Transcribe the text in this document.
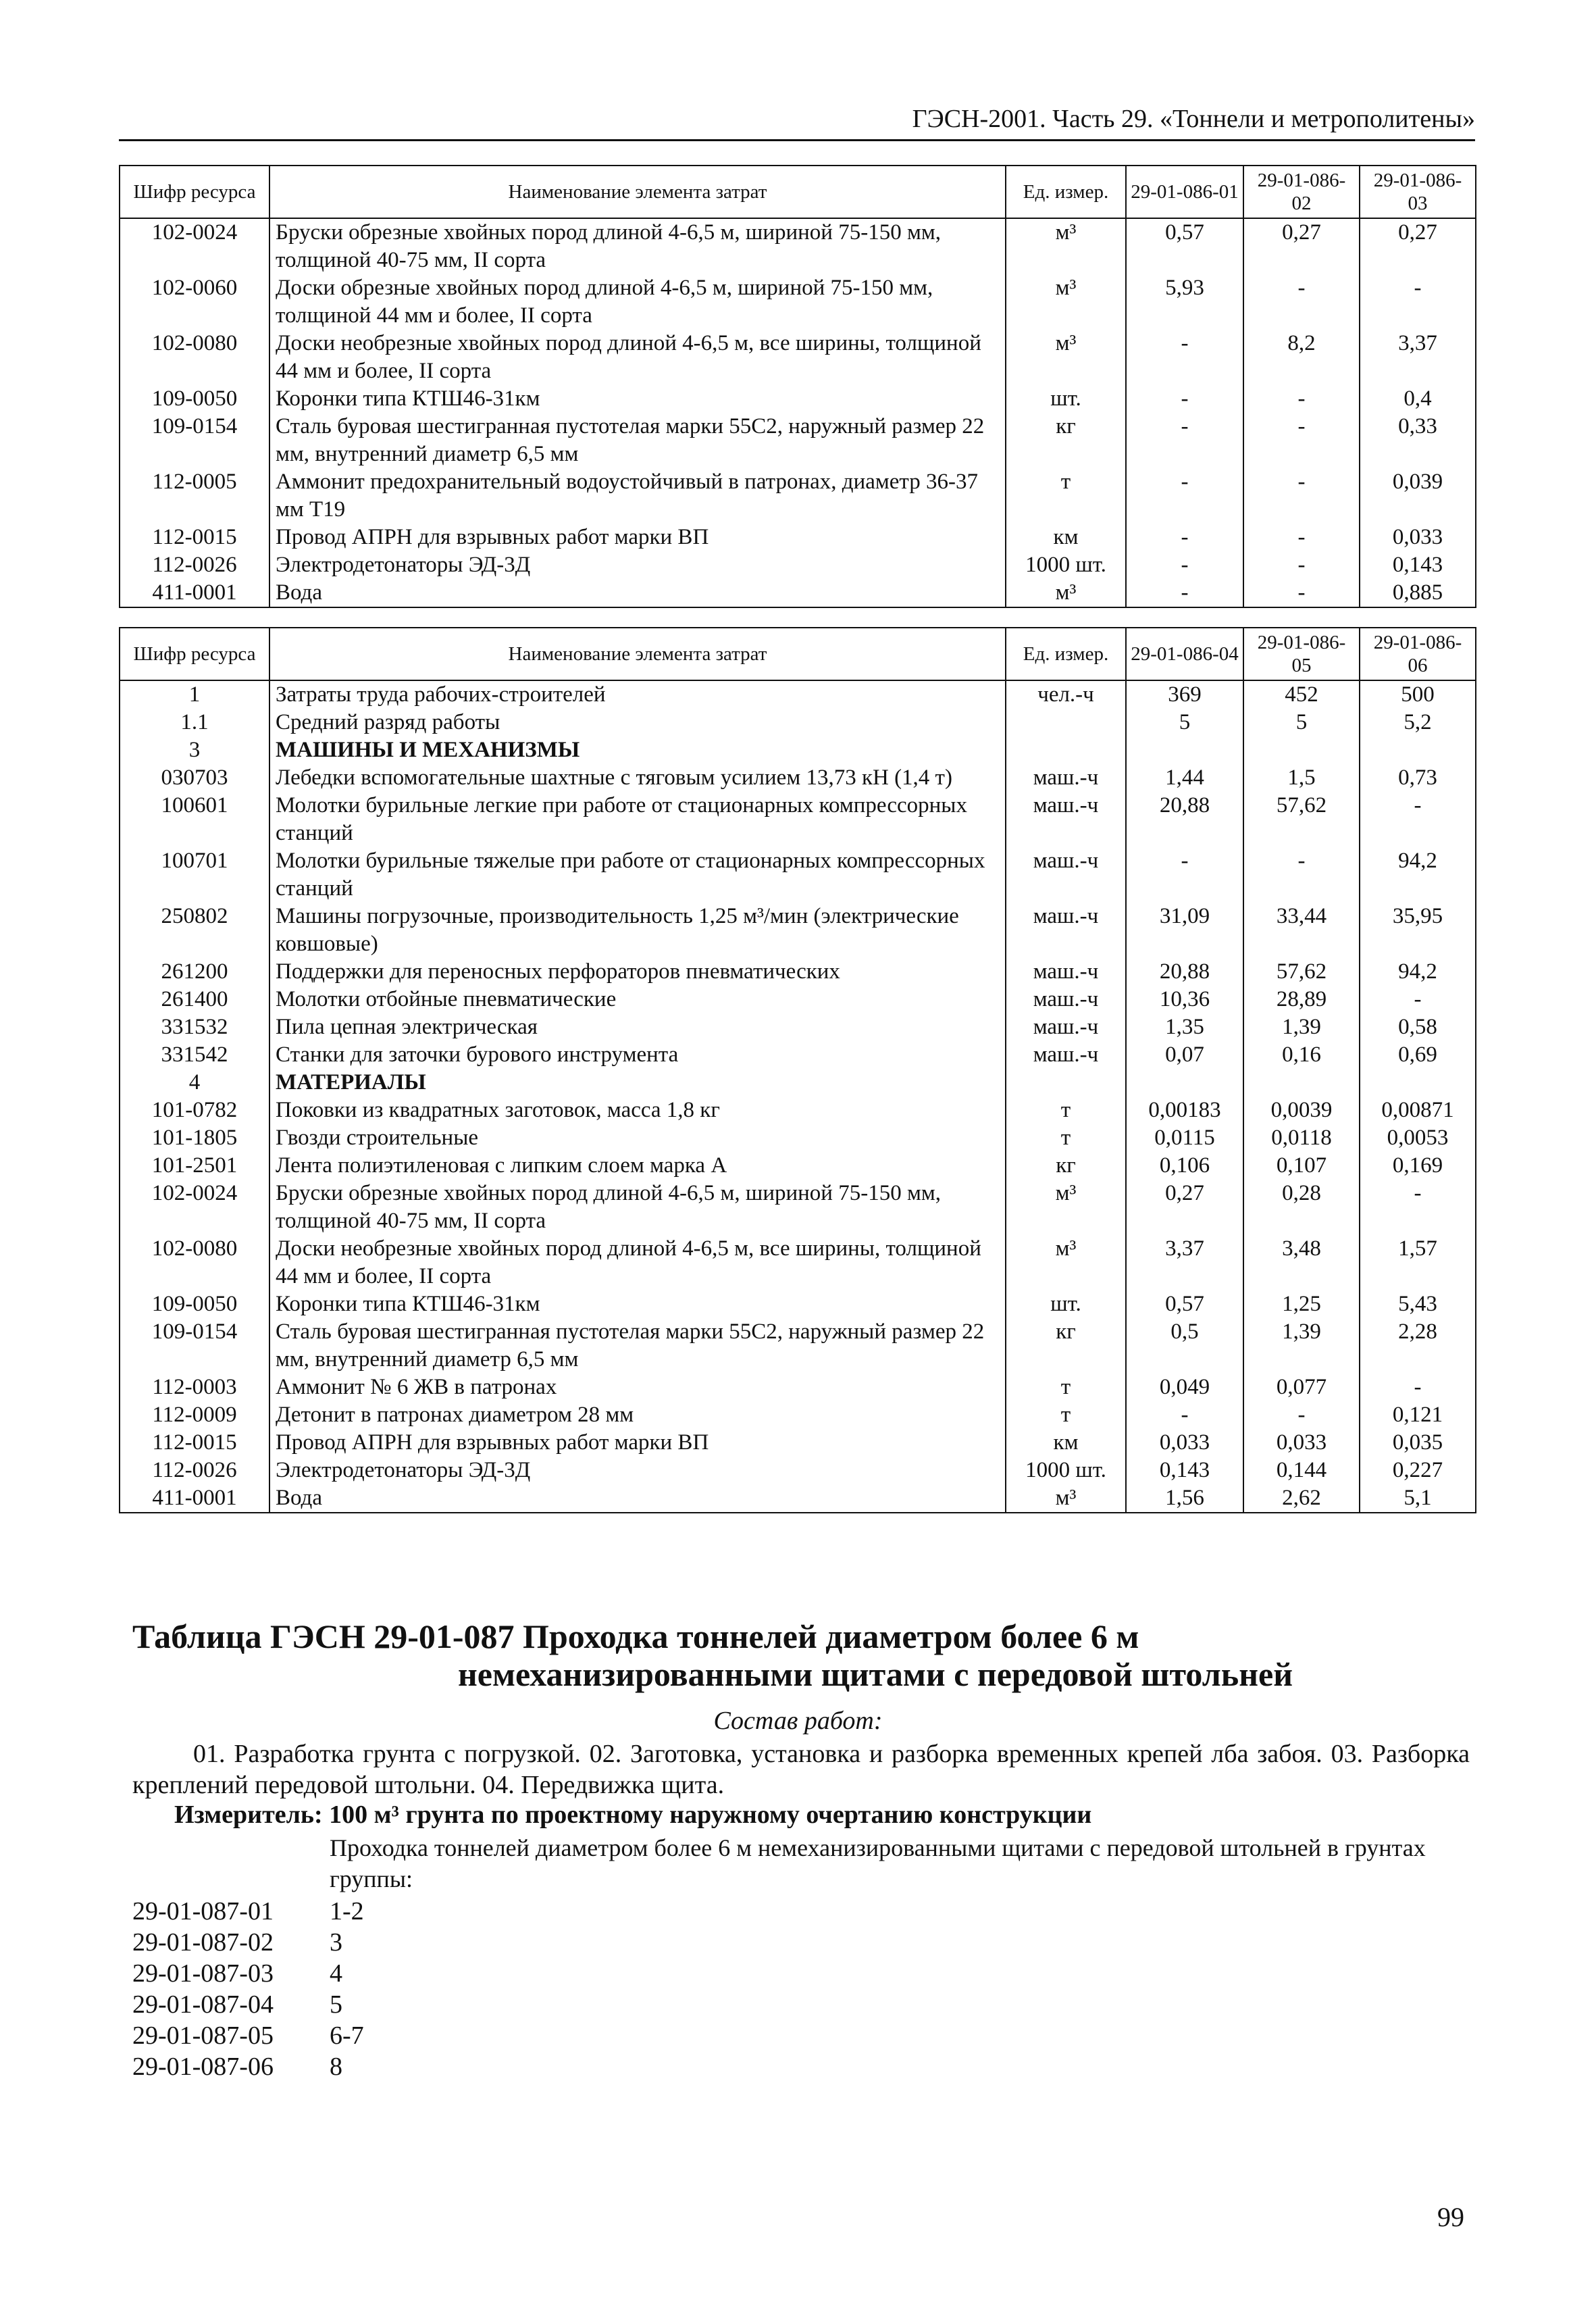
ГЭСН-2001. Часть 29. «Тоннели и метрополитены»
Шифр ресурса	Наименование элемента затрат	Ед. измер.	29-01-086-01	29-01-086-02	29-01-086-03
102-0024	Бруски обрезные хвойных пород длиной 4-6,5 м, шириной 75-150 мм, толщиной 40-75 мм, II сорта	м³	0,57	0,27	0,27
102-0060	Доски обрезные хвойных пород длиной 4-6,5 м, шириной 75-150 мм, толщиной 44 мм и более, II сорта	м³	5,93	-	-
102-0080	Доски необрезные хвойных пород длиной 4-6,5 м, все ширины, толщиной 44 мм и более, II сорта	м³	-	8,2	3,37
109-0050	Коронки типа КТШ46-31км	шт.	-	-	0,4
109-0154	Сталь буровая шестигранная пустотелая марки 55С2, наружный размер 22 мм, внутренний диаметр 6,5 мм	кг	-	-	0,33
112-0005	Аммонит предохранительный водоустойчивый в патронах, диаметр 36-37 мм Т19	т	-	-	0,039
112-0015	Провод АПРН для взрывных работ марки ВП	км	-	-	0,033
112-0026	Электродетонаторы ЭД-3Д	1000 шт.	-	-	0,143
411-0001	Вода	м³	-	-	0,885
Шифр ресурса	Наименование элемента затрат	Ед. измер.	29-01-086-04	29-01-086-05	29-01-086-06
1	Затраты труда рабочих-строителей	чел.-ч	369	452	500
1.1	Средний разряд работы		5	5	5,2
3	МАШИНЫ И МЕХАНИЗМЫ				
030703	Лебедки вспомогательные шахтные с тяговым усилием 13,73 кН (1,4 т)	маш.-ч	1,44	1,5	0,73
100601	Молотки бурильные легкие при работе от стационарных компрессорных станций	маш.-ч	20,88	57,62	-
100701	Молотки бурильные тяжелые при работе от стационарных компрессорных станций	маш.-ч	-	-	94,2
250802	Машины погрузочные, производительность 1,25 м³/мин (электрические ковшовые)	маш.-ч	31,09	33,44	35,95
261200	Поддержки для переносных перфораторов пневматических	маш.-ч	20,88	57,62	94,2
261400	Молотки отбойные пневматические	маш.-ч	10,36	28,89	-
331532	Пила цепная электрическая	маш.-ч	1,35	1,39	0,58
331542	Станки для заточки бурового инструмента	маш.-ч	0,07	0,16	0,69
4	МАТЕРИАЛЫ				
101-0782	Поковки из квадратных заготовок, масса 1,8 кг	т	0,00183	0,0039	0,00871
101-1805	Гвозди строительные	т	0,0115	0,0118	0,0053
101-2501	Лента полиэтиленовая с липким слоем марка А	кг	0,106	0,107	0,169
102-0024	Бруски обрезные хвойных пород длиной 4-6,5 м, шириной 75-150 мм, толщиной 40-75 мм, II сорта	м³	0,27	0,28	-
102-0080	Доски необрезные хвойных пород длиной 4-6,5 м, все ширины, толщиной 44 мм и более, II сорта	м³	3,37	3,48	1,57
109-0050	Коронки типа КТШ46-31км	шт.	0,57	1,25	5,43
109-0154	Сталь буровая шестигранная пустотелая марки 55С2, наружный размер 22 мм, внутренний диаметр 6,5 мм	кг	0,5	1,39	2,28
112-0003	Аммонит № 6 ЖВ в патронах	т	0,049	0,077	-
112-0009	Детонит в патронах диаметром 28 мм	т	-	-	0,121
112-0015	Провод АПРН для взрывных работ марки ВП	км	0,033	0,033	0,035
112-0026	Электродетонаторы ЭД-3Д	1000 шт.	0,143	0,144	0,227
411-0001	Вода	м³	1,56	2,62	5,1
Таблица ГЭСН 29-01-087 Проходка тоннелей диаметром более 6 м
немеханизированными щитами с передовой штольней
Состав работ:
01. Разработка грунта с погрузкой. 02. Заготовка, установка и разборка временных крепей лба забоя. 03. Разборка креплений передовой штольни. 04. Передвижка щита.
Измеритель: 100 м³ грунта по проектному наружному очертанию конструкции
Проходка тоннелей диаметром более 6 м немеханизированными щитами с передовой штольней в грунтах группы:
29-01-087-01	1-2
29-01-087-02	3
29-01-087-03	4
29-01-087-04	5
29-01-087-05	6-7
29-01-087-06	8
99
